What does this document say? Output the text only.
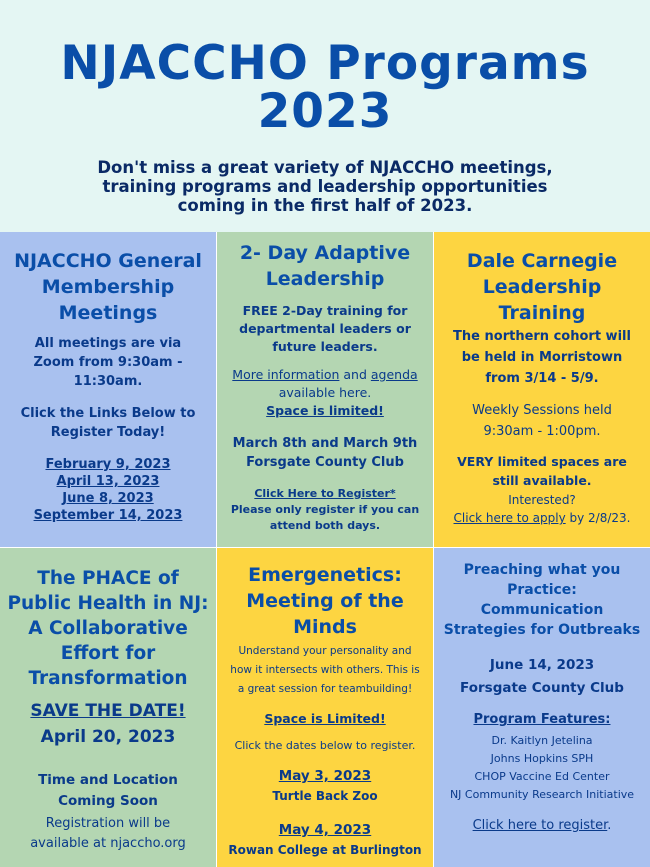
NJACCHO Programs
2023
Don't miss a great variety of NJACCHO meetings,
training programs and leadership opportunities
coming in the first half of 2023.
NJACCHO General
Membership
Meetings
All meetings are via
Zoom from 9:30am -
11:30am.
Click the Links Below to
Register Today!
February 9, 2023
April 13, 2023
June 8, 2023
September 14, 2023
2- Day Adaptive
Leadership
FREE 2-Day training for
departmental leaders or
future leaders.
More information and agenda
available here.
Space is limited!
March 8th and March 9th
Forsgate County Club
Click Here to Register*
Please only register if you can
attend both days.
Dale Carnegie
Leadership
Training
The northern cohort will
be held in Morristown
from 3/14 - 5/9.
Weekly Sessions held
9:30am - 1:00pm.
VERY limited spaces are
still available.
Interested?
Click here to apply by 2/8/23.
The PHACE of
Public Health in NJ:
A Collaborative
Effort for
Transformation
SAVE THE DATE!
April 20, 2023
Time and Location
Coming Soon
Registration will be
available at njaccho.org
Emergenetics:
Meeting of the
Minds
Understand your personality and
how it intersects with others. This is
a great session for teambuilding!
Space is Limited!
Click the dates below to register.
May 3, 2023
Turtle Back Zoo
May 4, 2023
Rowan College at Burlington
Preaching what you
Practice:
Communication
Strategies for Outbreaks
June 14, 2023
Forsgate County Club
Program Features:
Dr. Kaitlyn Jetelina
Johns Hopkins SPH
CHOP Vaccine Ed Center
NJ Community Research Initiative
Click here to register.
